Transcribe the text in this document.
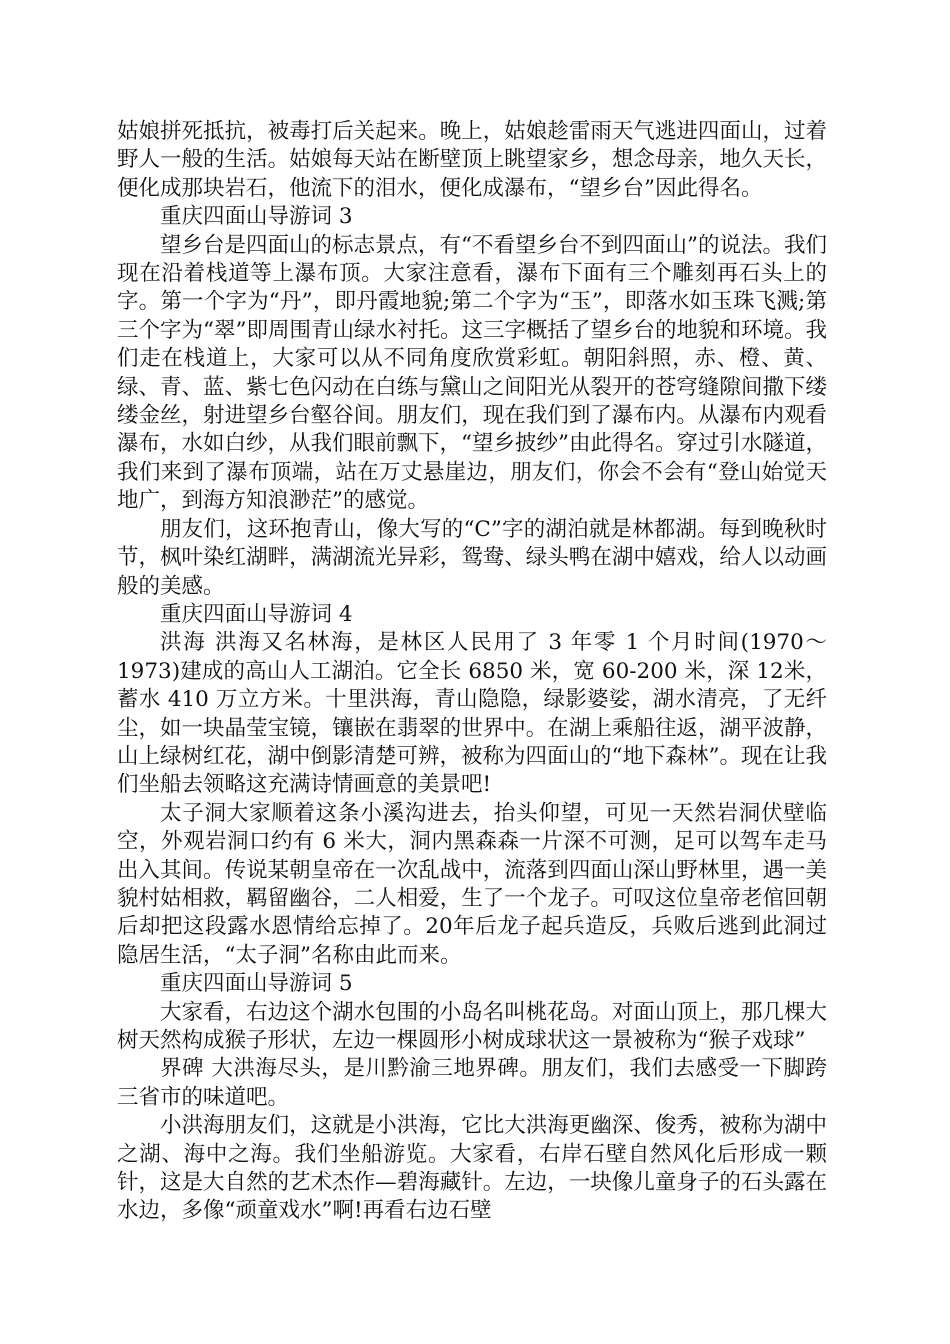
姑娘拼死抵抗，被毒打后关起来。晚上，姑娘趁雷雨天气逃进四面山，过着野人一般的生活。姑娘每天站在断壁顶上眺望家乡，想念母亲，地久天长，便化成那块岩石，他流下的泪水，便化成瀑布，“望乡台”因此得名。

重庆四面山导游词 3

望乡台是四面山的标志景点，有“不看望乡台不到四面山”的说法。我们现在沿着栈道等上瀑布顶。大家注意看，瀑布下面有三个雕刻再石头上的字。第一个字为“丹”，即丹霞地貌;第二个字为“玉”，即落水如玉珠飞溅;第三个字为“翠”即周围青山绿水衬托。这三字概括了望乡台的地貌和环境。我们走在栈道上，大家可以从不同角度欣赏彩虹。朝阳斜照，赤、橙、黄、绿、青、蓝、紫七色闪动在白练与黛山之间阳光从裂开的苍穹缝隙间撒下缕缕金丝，射进望乡台壑谷间。朋友们，现在我们到了瀑布内。从瀑布内观看瀑布，水如白纱，从我们眼前飘下，“望乡披纱”由此得名。穿过引水隧道，我们来到了瀑布顶端，站在万丈悬崖边，朋友们，你会不会有“登山始觉天地广，到海方知浪渺茫”的感觉。

朋友们，这环抱青山，像大写的“C”字的湖泊就是林都湖。每到晚秋时节，枫叶染红湖畔，满湖流光异彩，鸳鸯、绿头鸭在湖中嬉戏，给人以动画般的美感。

重庆四面山导游词 4

洪海 洪海又名林海，是林区人民用了 3 年零 1 个月时间(1970～1973)建成的高山人工湖泊。它全长 6850 米，宽 60-200 米，深 12米，蓄水 410 万立方米。十里洪海，青山隐隐，绿影婆娑，湖水清亮，了无纤尘，如一块晶莹宝镜，镶嵌在翡翠的世界中。在湖上乘船往返，湖平波静，山上绿树红花，湖中倒影清楚可辨，被称为四面山的“地下森林”。现在让我们坐船去领略这充满诗情画意的美景吧!

太子洞大家顺着这条小溪沟进去，抬头仰望，可见一天然岩洞伏壁临空，外观岩洞口约有 6 米大，洞内黑森森一片深不可测，足可以驾车走马出入其间。传说某朝皇帝在一次乱战中，流落到四面山深山野林里，遇一美貌村姑相救，羁留幽谷，二人相爱，生了一个龙子。可叹这位皇帝老倌回朝后却把这段露水恩情给忘掉了。20年后龙子起兵造反，兵败后逃到此洞过隐居生活，“太子洞”名称由此而来。

重庆四面山导游词 5

大家看，右边这个湖水包围的小岛名叫桃花岛。对面山顶上，那几棵大树天然构成猴子形状，左边一棵圆形小树成球状这一景被称为“猴子戏球”

界碑 大洪海尽头，是川黔渝三地界碑。朋友们，我们去感受一下脚跨三省市的味道吧。

小洪海朋友们，这就是小洪海，它比大洪海更幽深、俊秀，被称为湖中之湖、海中之海。我们坐船游览。大家看，右岸石壁自然风化后形成一颗针，这是大自然的艺术杰作—碧海藏针。左边，一块像儿童身子的石头露在水边，多像“顽童戏水”啊!再看右边石壁
